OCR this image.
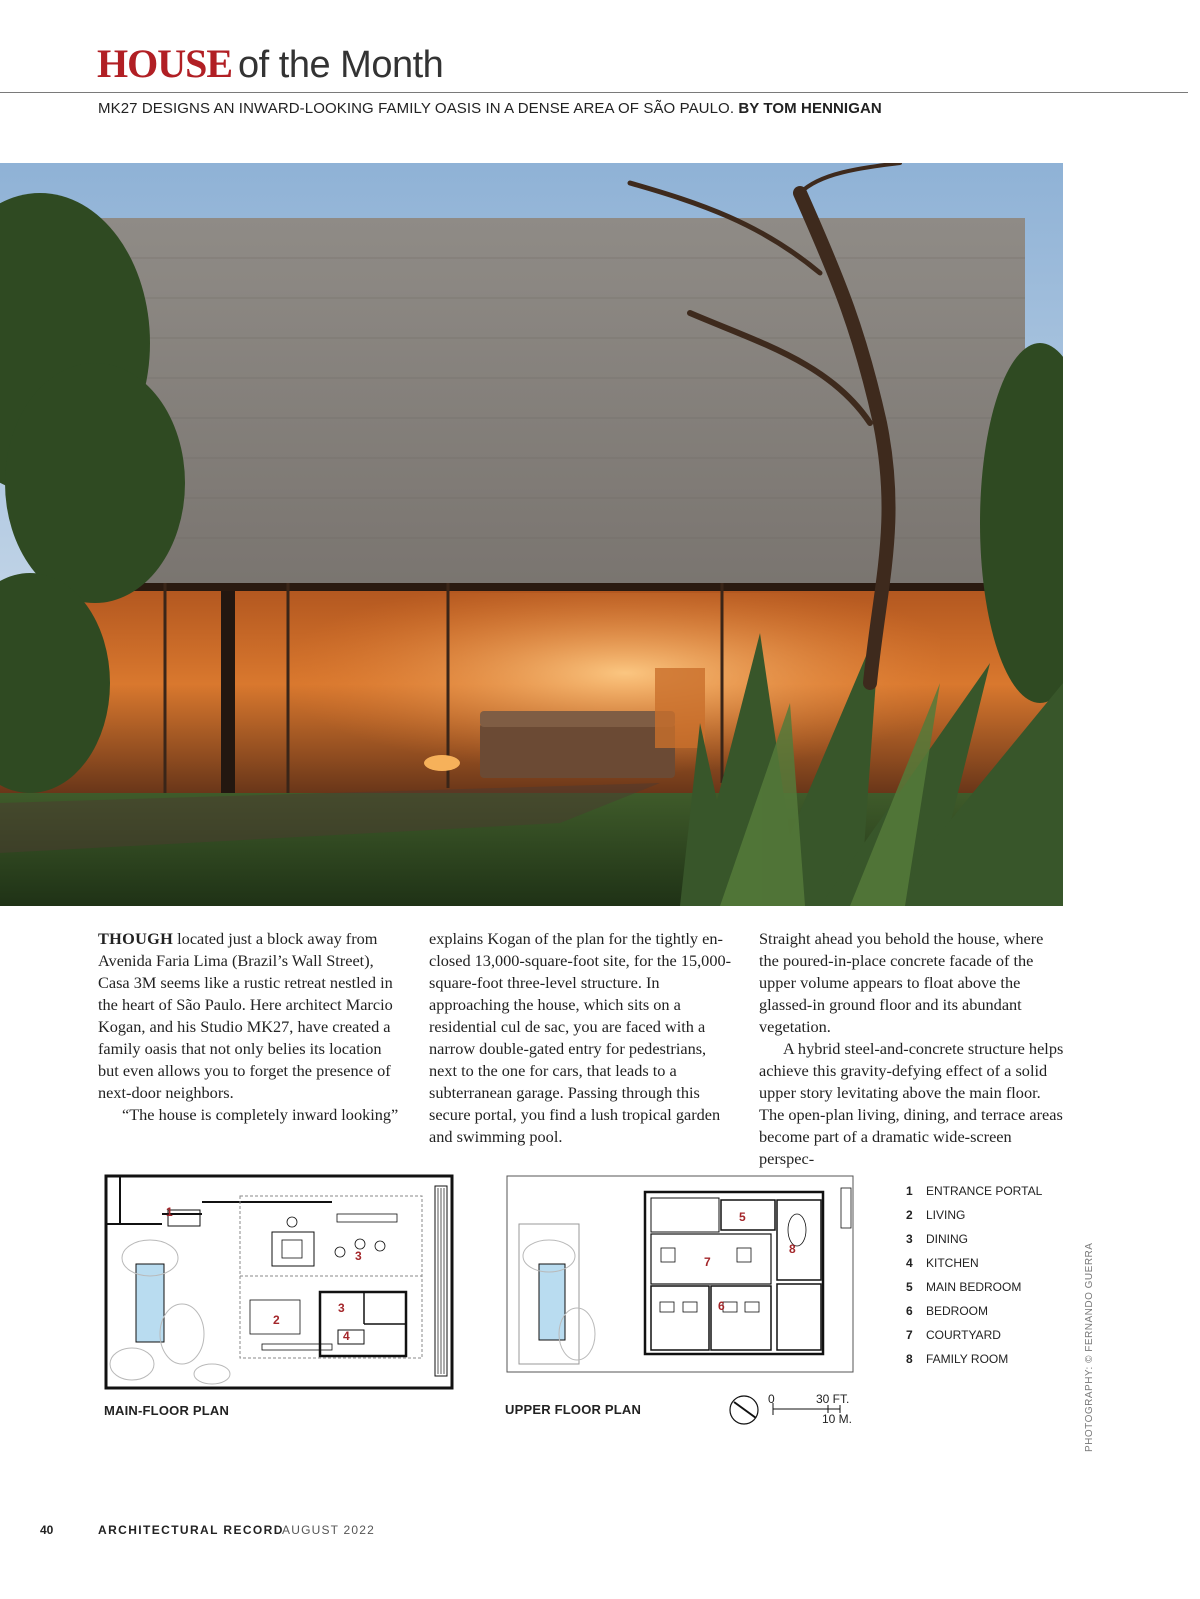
HOUSE of the Month
MK27 DESIGNS AN INWARD-LOOKING FAMILY OASIS IN A DENSE AREA OF SÃO PAULO. BY TOM HENNIGAN

THOUGH located just a block away from Avenida Faria Lima (Brazil’s Wall Street), Casa 3M seems like a rustic retreat nestled in the heart of São Paulo. Here architect Marcio Kogan, and his Studio MK27, have created a family oasis that not only belies its location but even allows you to forget the presence of next-door neighbors.

“The house is completely inward looking”

explains Kogan of the plan for the tightly enclosed 13,000-square-foot site, for the 15,000-square-foot three-level structure. In approaching the house, which sits on a residential cul de sac, you are faced with a narrow double-gated entry for pedestrians, next to the one for cars, that leads to a subterranean garage. Passing through this secure portal, you find a lush tropical garden and swimming pool.

Straight ahead you behold the house, where the poured-in-place concrete facade of the upper volume appears to float above the glassed-in ground floor and its abundant vegetation.

A hybrid steel-and-concrete structure helps achieve this gravity-defying effect of a solid upper story levitating above the main floor. The open-plan living, dining, and terrace areas become part of a dramatic wide-screen perspec-

1
2
3
3
4
MAIN-FLOOR PLAN
5
7
8
6
UPPER FLOOR PLAN
0	30 FT.
10 M.
1 ENTRANCE PORTAL
2 LIVING
3 DINING
4 KITCHEN
5 MAIN BEDROOM
6 BEDROOM
7 COURTYARD
8 FAMILY ROOM	PHOTOGRAPHY: © FERNANDO GUERRA
40	ARCHITECTURAL RECORD
AUGUST 2022
